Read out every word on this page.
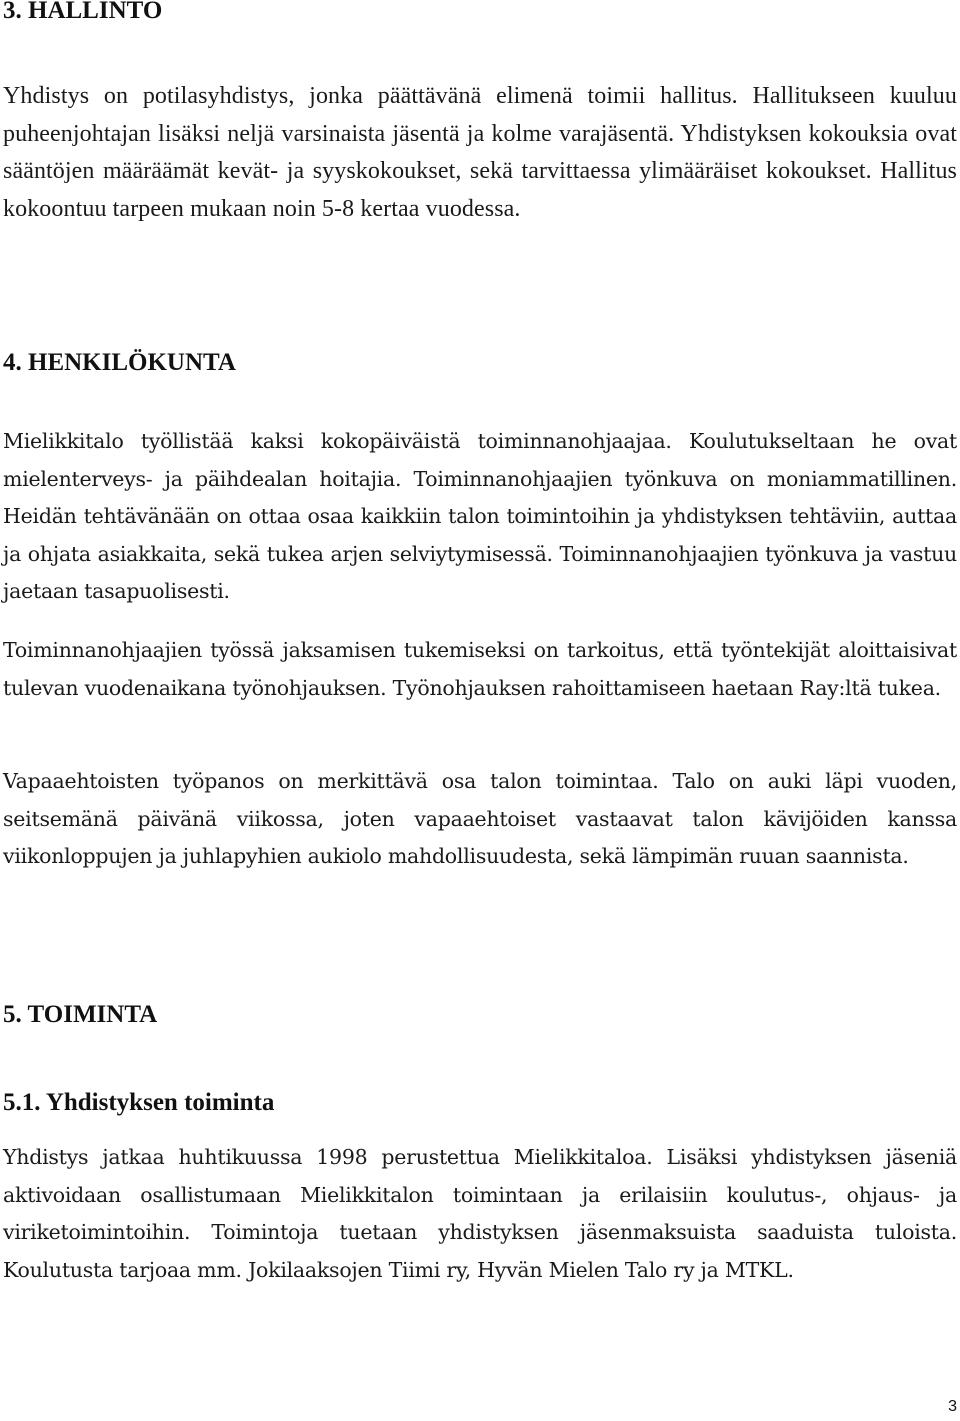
3. HALLINTO

Yhdistys on potilasyhdistys, jonka päättävänä elimenä toimii hallitus. Hallitukseen kuuluu puheenjohtajan lisäksi neljä varsinaista jäsentä ja kolme varajäsentä. Yhdistyksen kokouksia ovat sääntöjen määräämät kevät- ja syyskokoukset, sekä tarvittaessa ylimääräiset kokoukset. Hallitus kokoontuu tarpeen mukaan noin 5-8 kertaa vuodessa.

4. HENKILÖKUNTA

Mielikkitalo työllistää kaksi kokopäiväistä toiminnanohjaajaa. Koulutukseltaan he ovat mielenterveys- ja päihdealan hoitajia. Toiminnanohjaajien työnkuva on moniammatillinen. Heidän tehtävänään on ottaa osaa kaikkiin talon toimintoihin ja yhdistyksen tehtäviin, auttaa ja ohjata asiakkaita, sekä tukea arjen selviytymisessä. Toiminnanohjaajien työnkuva ja vastuu jaetaan tasapuolisesti.

Toiminnanohjaajien työssä jaksamisen tukemiseksi on tarkoitus, että työntekijät aloittaisivat tulevan vuodenaikana työnohjauksen. Työnohjauksen rahoittamiseen haetaan Ray:ltä tukea.

Vapaaehtoisten työpanos on merkittävä osa talon toimintaa. Talo on auki läpi vuoden, seitsemänä päivänä viikossa, joten vapaaehtoiset vastaavat talon kävijöiden kanssa viikonloppujen ja juhlapyhien aukiolo mahdollisuudesta, sekä lämpimän ruuan saannista.

5. TOIMINTA
5.1. Yhdistyksen toiminta

Yhdistys jatkaa huhtikuussa 1998 perustettua Mielikkitaloa. Lisäksi yhdistyksen jäseniä aktivoidaan osallistumaan Mielikkitalon toimintaan ja erilaisiin koulutus-, ohjaus- ja viriketoimintoihin. Toimintoja tuetaan yhdistyksen jäsenmaksuista saaduista tuloista. Koulutusta tarjoaa mm. Jokilaaksojen Tiimi ry, Hyvän Mielen Talo ry ja MTKL.

3
